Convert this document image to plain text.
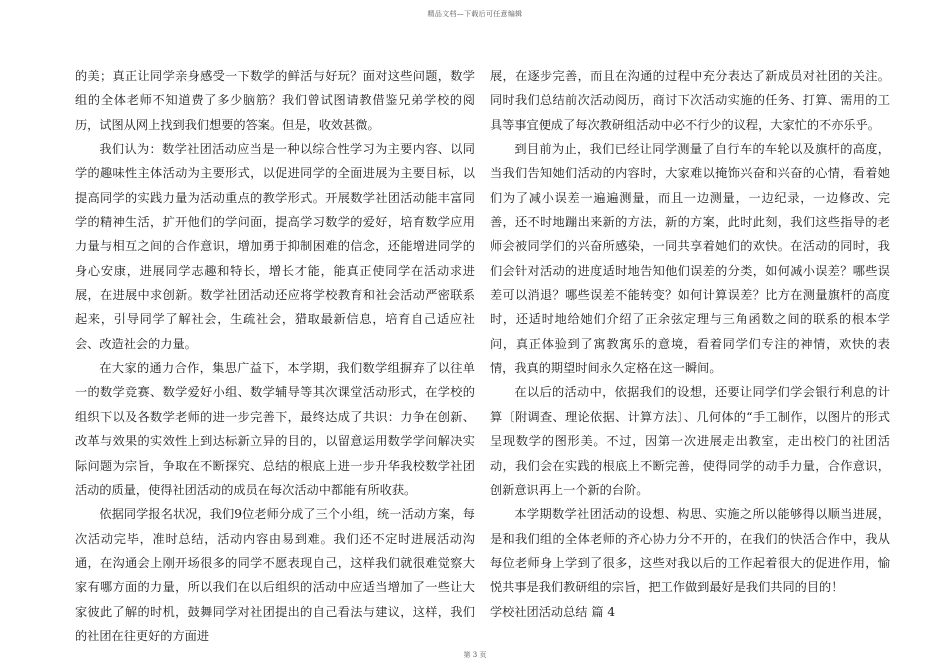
精品文档—下载后可任意编辑

的美；真正让同学亲身感受一下数学的鲜活与好玩？面对这些问题，数学组的全体老师不知道费了多少脑筋？我们曾试图请教借鉴兄弟学校的阅历，试图从网上找到我们想要的答案。但是，收效甚微。

我们认为：数学社团活动应当是一种以综合性学习为主要内容、以同学的趣味性主体活动为主要形式，以促进同学的全面进展为主要目标，以提高同学的实践力量为活动重点的教学形式。开展数学社团活动能丰富同学的精神生活，扩开他们的学问面，提高学习数学的爱好，培育数学应用力量与相互之间的合作意识，增加勇于抑制困难的信念，还能增进同学的身心安康，进展同学志趣和特长，增长才能，能真正使同学在活动求进展，在进展中求创新。数学社团活动还应将学校教育和社会活动严密联系起来，引导同学了解社会，生疏社会，猎取最新信息，培育自己适应社会、改造社会的力量。

在大家的通力合作，集思广益下，本学期，我们数学组摒弃了以往单一的数学竞赛、数学爱好小组、数学辅导等其次课堂活动形式，在学校的组织下以及各数学老师的进一步完善下，最终达成了共识：力争在创新、改革与效果的实效性上到达标新立异的目的，以留意运用数学学问解决实际问题为宗旨，争取在不断探究、总结的根底上进一步升华我校数学社团活动的质量，使得社团活动的成员在每次活动中都能有所收获。

依据同学报名状况，我们9位老师分成了三个小组，统一活动方案，每次活动完毕，准时总结，活动内容由易到难。我们还不定时进展活动沟通，在沟通会上刚开场很多的同学不愿表现自己，这样我们就很难觉察大家有哪方面的力量，所以我们在以后组织的活动中应适当增加了一些让大家彼此了解的时机，鼓舞同学对社团提出的自己看法与建议，这样，我们的社团在往更好的方面进

展，在逐步完善，而且在沟通的过程中充分表达了新成员对社团的关注。同时我们总结前次活动阅历，商讨下次活动实施的任务、打算、需用的工具等事宜便成了每次教研组活动中必不行少的议程，大家忙的不亦乐乎。

到目前为止，我们已经让同学测量了自行车的车轮以及旗杆的高度，当我们告知她们活动的内容时，大家难以掩饰兴奋和兴奋的心情，看着她们为了减小误差一遍遍测量，而且一边测量，一边纪录，一边修改、完善，还不时地蹦出来新的方法，新的方案，此时此刻，我们这些指导的老师会被同学们的兴奋所感染，一同共享着她们的欢快。在活动的同时，我们会针对活动的进度适时地告知他们误差的分类，如何减小误差？哪些误差可以消退？哪些误差不能转变？如何计算误差？比方在测量旗杆的高度时，还适时地给她们介绍了正余弦定理与三角函数之间的联系的根本学问，真正体验到了寓教寓乐的意境，看着同学们专注的神情，欢快的表情，我真的期望时间永久定格在这一瞬间。

在以后的活动中，依据我们的设想，还要让同学们学会银行利息的计算〔附调查、理论依据、计算方法〕、几何体的“手工制作，以图片的形式呈现数学的图形美。不过，因第一次进展走出教室，走出校门的社团活动，我们会在实践的根底上不断完善，使得同学的动手力量，合作意识，创新意识再上一个新的台阶。

本学期数学社团活动的设想、构思、实施之所以能够得以顺当进展，是和我们组的全体老师的齐心协力分不开的，在我们的快活合作中，我从每位老师身上学到了很多，这些对我以后的工作起着很大的促进作用，愉悦共事是我们教研组的宗旨，把工作做到最好是我们共同的目的！

学校社团活动总结 篇 4

第 3 页
